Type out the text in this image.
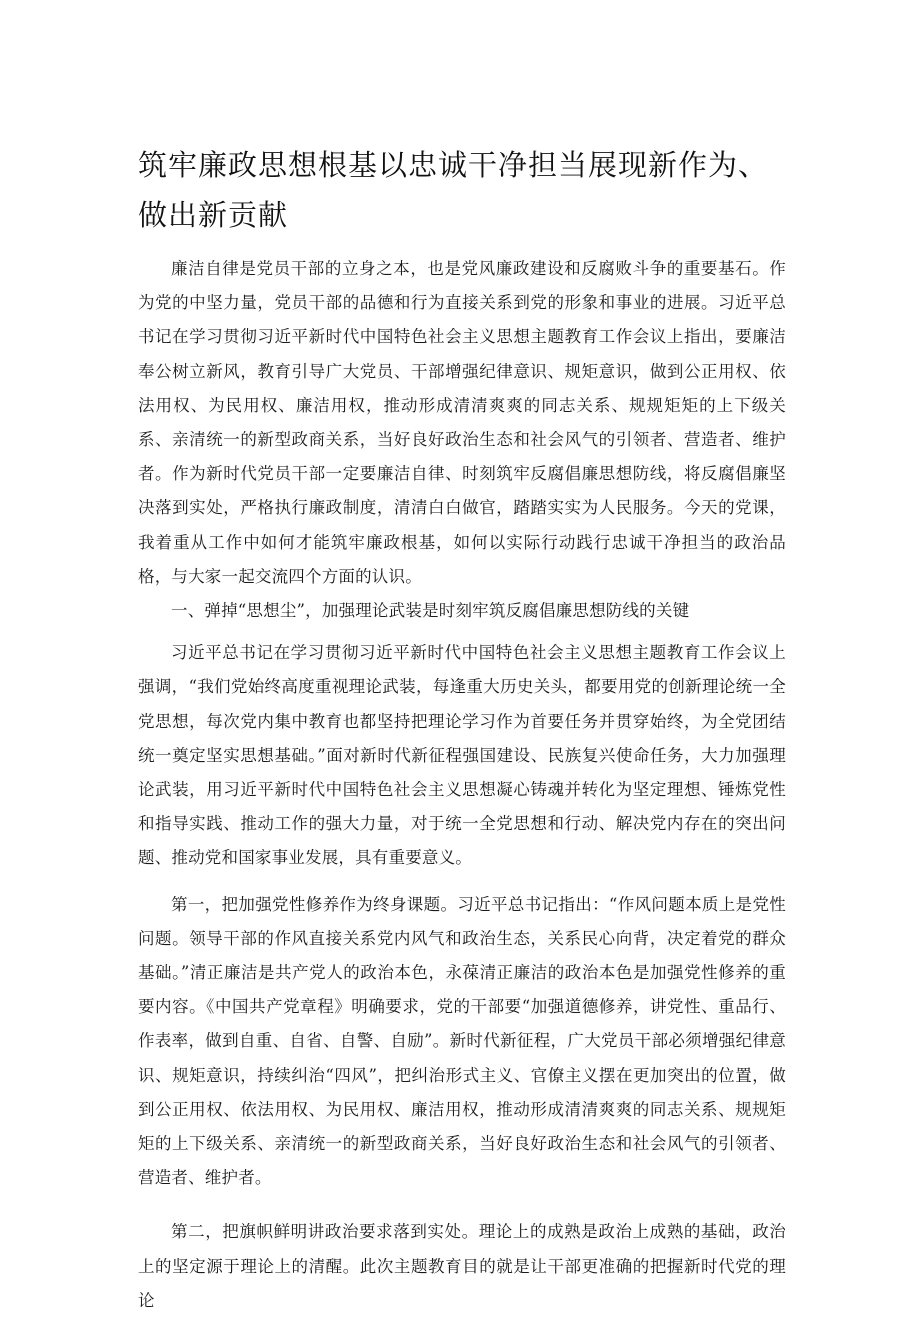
筑牢廉政思想根基以忠诚干净担当展现新作为、做出新贡献

廉洁自律是党员干部的立身之本，也是党风廉政建设和反腐败斗争的重要基石。作为党的中坚力量，党员干部的品德和行为直接关系到党的形象和事业的进展。习近平总书记在学习贯彻习近平新时代中国特色社会主义思想主题教育工作会议上指出，要廉洁奉公树立新风，教育引导广大党员、干部增强纪律意识、规矩意识，做到公正用权、依法用权、为民用权、廉洁用权，推动形成清清爽爽的同志关系、规规矩矩的上下级关系、亲清统一的新型政商关系，当好良好政治生态和社会风气的引领者、营造者、维护者。作为新时代党员干部一定要廉洁自律、时刻筑牢反腐倡廉思想防线，将反腐倡廉坚决落到实处，严格执行廉政制度，清清白白做官，踏踏实实为人民服务。今天的党课，我着重从工作中如何才能筑牢廉政根基，如何以实际行动践行忠诚干净担当的政治品格，与大家一起交流四个方面的认识。

一、弹掉“思想尘”，加强理论武装是时刻牢筑反腐倡廉思想防线的关键

习近平总书记在学习贯彻习近平新时代中国特色社会主义思想主题教育工作会议上强调，“我们党始终高度重视理论武装，每逢重大历史关头，都要用党的创新理论统一全党思想，每次党内集中教育也都坚持把理论学习作为首要任务并贯穿始终，为全党团结统一奠定坚实思想基础。”面对新时代新征程强国建设、民族复兴使命任务，大力加强理论武装，用习近平新时代中国特色社会主义思想凝心铸魂并转化为坚定理想、锤炼党性和指导实践、推动工作的强大力量，对于统一全党思想和行动、解决党内存在的突出问题、推动党和国家事业发展，具有重要意义。

第一，把加强党性修养作为终身课题。习近平总书记指出：“作风问题本质上是党性问题。领导干部的作风直接关系党内风气和政治生态，关系民心向背，决定着党的群众基础。”清正廉洁是共产党人的政治本色，永葆清正廉洁的政治本色是加强党性修养的重要内容。《中国共产党章程》明确要求，党的干部要“加强道德修养，讲党性、重品行、作表率，做到自重、自省、自警、自励”。新时代新征程，广大党员干部必须增强纪律意识、规矩意识，持续纠治“四风”，把纠治形式主义、官僚主义摆在更加突出的位置，做到公正用权、依法用权、为民用权、廉洁用权，推动形成清清爽爽的同志关系、规规矩矩的上下级关系、亲清统一的新型政商关系，当好良好政治生态和社会风气的引领者、营造者、维护者。

第二，把旗帜鲜明讲政治要求落到实处。理论上的成熟是政治上成熟的基础，政治上的坚定源于理论上的清醒。此次主题教育目的就是让干部更准确的把握新时代党的理论
